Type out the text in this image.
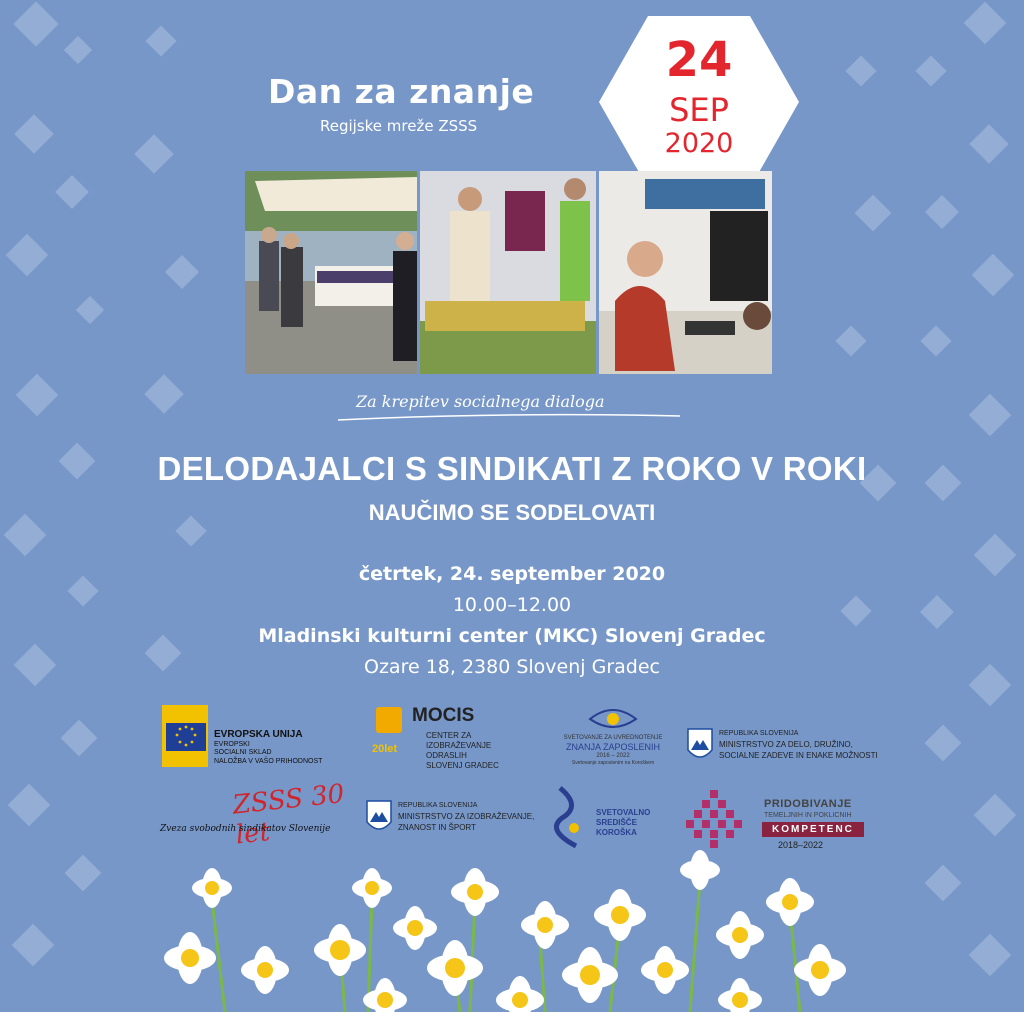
Dan za znanje
Regijske mreže ZSSS
24
SEP
2020
Za krepitev socialnega dialoga
DELODAJALCI S SINDIKATI Z ROKO V ROKI
NAUČIMO SE SODELOVATI
četrtek, 24. september 2020
10.00–12.00
Mladinski kulturni center (MKC) Slovenj Gradec
Ozare 18, 2380 Slovenj Gradec
EVROPSKA UNIJA
EVROPSKI
SOCIALNI SKLAD
NALOŽBA V VAŠO PRIHODNOST
MOCIS
20let
CENTER ZA
IZOBRAŽEVANJE
ODRASLIH
SLOVENJ GRADEC
SVETOVANJE ZA UVREDNOTENJE
ZNANJA ZAPOSLENIH
2016 – 2022
Svetovanje zaposlenim na Koroškem
REPUBLIKA SLOVENIJA
MINISTRSTVO ZA DELO, DRUŽINO,
SOCIALNE ZADEVE IN ENAKE MOŽNOSTI
ZSSS 30 let
Zveza svobodnih sindikatov Slovenije
REPUBLIKA SLOVENIJA
MINISTRSTVO ZA IZOBRAŽEVANJE,
ZNANOST IN ŠPORT
SVETOVALNO
SREDIŠČE
KOROŠKA
PRIDOBIVANJE
TEMELJNIH IN POKLICNIH
KOMPETENC
2018–2022
